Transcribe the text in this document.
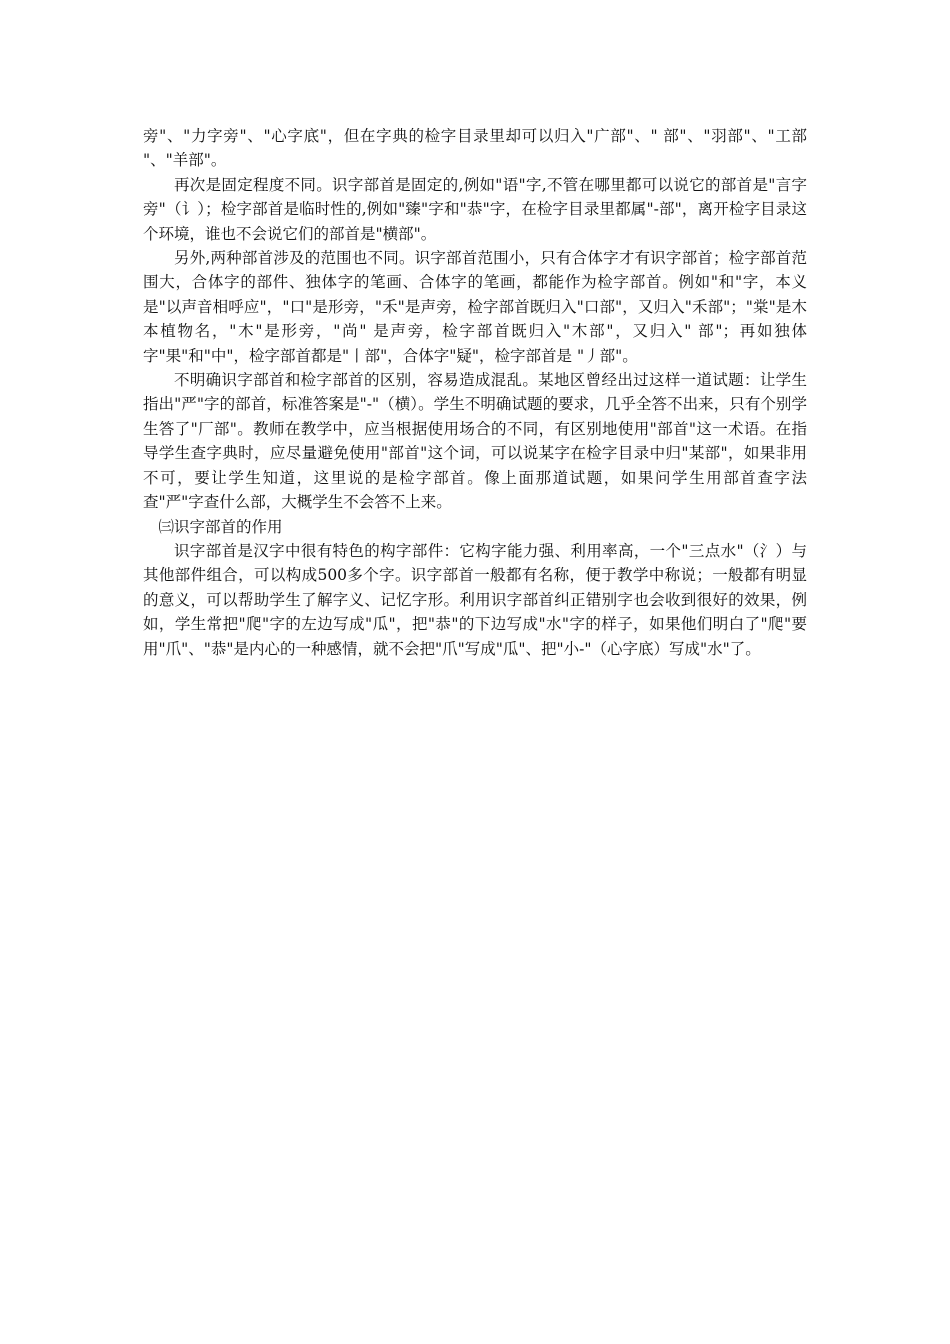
旁"、"力字旁"、"心字底"，但在字典的检字目录里却可以归入"广部"、" 部"、"羽部"、"工部 "、"羊部"。

再次是固定程度不同。识字部首是固定的,例如"语"字,不管在哪里都可以说它的部首是"言字旁"（讠）；检字部首是临时性的,例如"臻"字和"恭"字，在检字目录里都属"-部"，离开检字目录这个环境，谁也不会说它们的部首是"横部"。

另外,两种部首涉及的范围也不同。识字部首范围小，只有合体字才有识字部首；检字部首范围大，合体字的部件、独体字的笔画、合体字的笔画，都能作为检字部首。例如"和"字，本义是"以声音相呼应"，"口"是形旁，"禾"是声旁，检字部首既归入"口部"，又归入"禾部"；"棠"是木本植物名，"木"是形旁，"尚" 是声旁，检字部首既归入"木部"，又归入" 部"；再如独体字"果"和"中"，检字部首都是"丨部"，合体字"疑"，检字部首是 "丿部"。

不明确识字部首和检字部首的区别，容易造成混乱。某地区曾经出过这样一道试题：让学生指出"严"字的部首，标准答案是"-"（横）。学生不明确试题的要求，几乎全答不出来，只有个别学生答了"厂部"。教师在教学中，应当根据使用场合的不同，有区别地使用"部首"这一术语。在指导学生查字典时，应尽量避免使用"部首"这个词，可以说某字在检字目录中归"某部"，如果非用不可，要让学生知道，这里说的是检字部首。像上面那道试题，如果问学生用部首查字法查"严"字查什么部，大概学生不会答不上来。

㈢识字部首的作用

识字部首是汉字中很有特色的构字部件：它构字能力强、利用率高，一个"三点水"（氵）与其他部件组合，可以构成500多个字。识字部首一般都有名称，便于教学中称说；一般都有明显的意义，可以帮助学生了解字义、记忆字形。利用识字部首纠正错别字也会收到很好的效果，例如，学生常把"爬"字的左边写成"瓜"，把"恭"的下边写成"水"字的样子，如果他们明白了"爬"要用"爪"、"恭"是内心的一种感情，就不会把"爪"写成"瓜"、把"小-"（心字底）写成"水"了。
